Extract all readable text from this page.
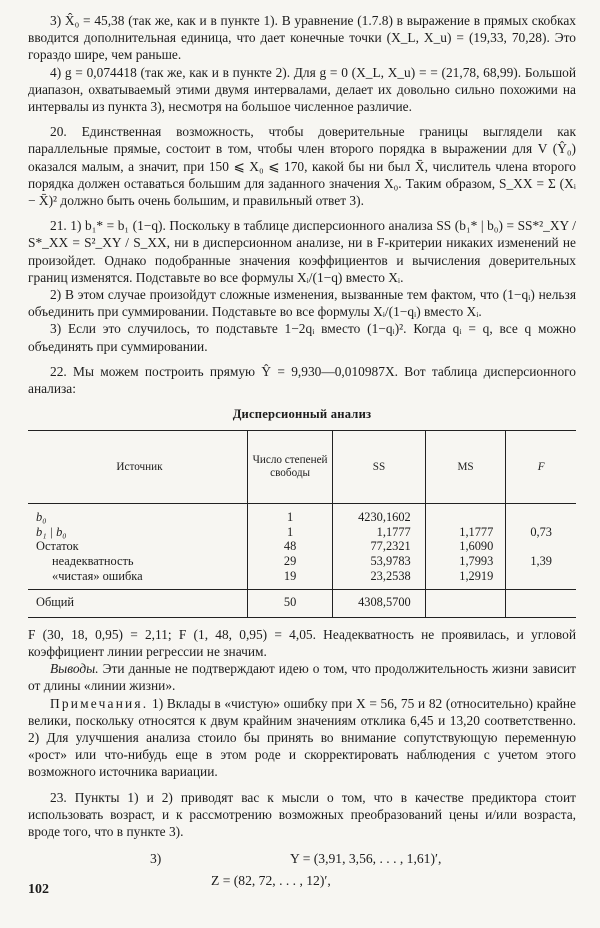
3) X̂₀ = 45,38 (так же, как и в пункте 1). В уравнение (1.7.8) в выражение в прямых скобках вводится дополнительная единица, что дает конечные точки (X_L, X_u) = (19,33, 70,28). Это гораздо шире, чем раньше.

4) g = 0,074418 (так же, как и в пункте 2). Для g = 0 (X_L, X_u) = = (21,78, 68,99). Большой диапазон, охватываемый этими двумя интервалами, делает их довольно сильно похожими на интервалы из пункта 3), несмотря на большое численное различие.

20. Единственная возможность, чтобы доверительные границы выглядели как параллельные прямые, состоит в том, чтобы член второго порядка в выражении для V (Ŷ₀) оказался малым, а значит, при 150 ⩽ X₀ ⩽ 170, какой бы ни был X̄, числитель члена второго порядка должен оставаться большим для заданного значения X₀. Таким образом, S_XX = Σ (Xᵢ − X̄)² должно быть очень большим, и правильный ответ 3).

21. 1) b₁* = b₁ (1−q). Поскольку в таблице дисперсионного анализа SS (b₁* | b₀) = SS*²_XY / S*_XX = S²_XY / S_XX, ни в дисперсионном анализе, ни в F-критерии никаких изменений не произойдет. Однако подобранные значения коэффициентов и вычисления доверительных границ изменятся. Подставьте во все формулы Xᵢ/(1−q) вместо Xᵢ.

2) В этом случае произойдут сложные изменения, вызванные тем фактом, что (1−qᵢ) нельзя объединить при суммировании. Подставьте во все формулы Xᵢ/(1−qᵢ) вместо Xᵢ.

3) Если это случилось, то подставьте 1−2qᵢ вместо (1−qᵢ)². Когда qᵢ = q, все q можно объединять при суммировании.

22. Мы можем построить прямую Ŷ = 9,930—0,010987X. Вот таблица дисперсионного анализа:

Дисперсионный анализ
Источник	Число степеней свободы	SS	MS	F
b₀	1	4230,1602		
b₁ | b₀	1	1,1777	1,1777	0,73
Остаток	48	77,2321	1,6090	
неадекватность	29	53,9783	1,7993	1,39
«чистая» ошибка	19	23,2538	1,2919	
Общий	50	4308,5700		

F (30, 18, 0,95) = 2,11; F (1, 48, 0,95) = 4,05. Неадекватность не проявилась, и угловой коэффициент линии регрессии не значим.

Выводы. Эти данные не подтверждают идею о том, что продолжительность жизни зависит от длины «линии жизни».

Примечания. 1) Вклады в «чистую» ошибку при X = 56, 75 и 82 (относительно) крайне велики, поскольку относятся к двум крайним значениям отклика 6,45 и 13,20 соответственно. 2) Для улучшения анализа стоило бы принять во внимание сопутствующую переменную «рост» или что-нибудь еще в этом роде и скорректировать наблюдения с учетом этого возможного источника вариации.

23. Пункты 1) и 2) приводят вас к мысли о том, что в качестве предиктора стоит использовать возраст, и к рассмотрению возможных преобразований цены и/или возраста, вроде того, что в пункте 3).

3)	Y = (3,91, 3,56, . . . , 1,61)′,
Z = (82, 72, . . . , 12)′,
102
